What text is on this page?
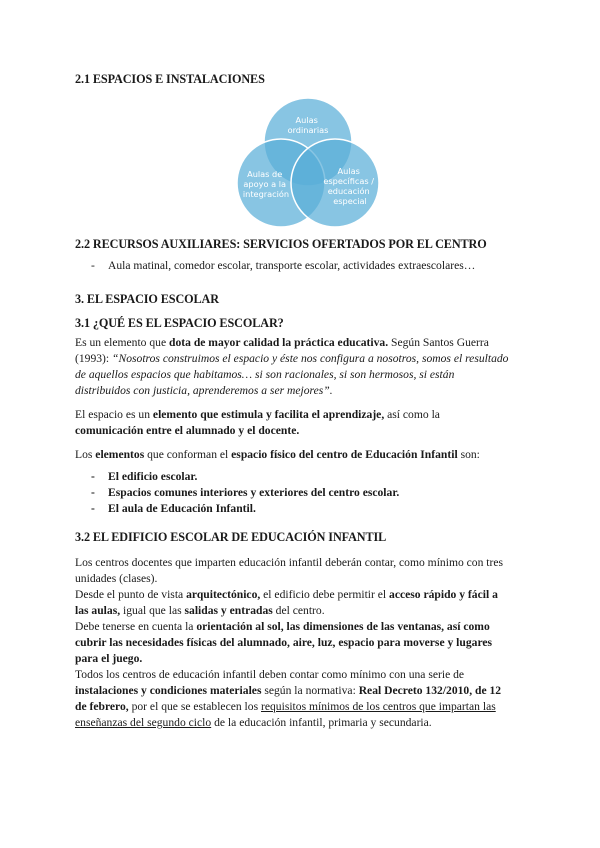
2.1 ESPACIOS E INSTALACIONES
Aulas ordinarias
Aulas de apoyo a la integración
Aulas específicas / educación especial
2.2 RECURSOS AUXILIARES: SERVICIOS OFERTADOS POR EL CENTRO
- Aula matinal, comedor escolar, transporte escolar, actividades extraescolares…
3. EL ESPACIO ESCOLAR
3.1 ¿QUÉ ES EL ESPACIO ESCOLAR?
Es un elemento que dota de mayor calidad la práctica educativa. Según Santos Guerra
(1993): “Nosotros construimos el espacio y éste nos configura a nosotros, somos el resultado
de aquellos espacios que habitamos… si son racionales, si son hermosos, si están
distribuidos con justicia, aprenderemos a ser mejores”.
El espacio es un elemento que estimula y facilita el aprendizaje, así como la
comunicación entre el alumnado y el docente.
Los elementos que conforman el espacio físico del centro de Educación Infantil son:
- El edificio escolar.
- Espacios comunes interiores y exteriores del centro escolar.
- El aula de Educación Infantil.
3.2 EL EDIFICIO ESCOLAR DE EDUCACIÓN INFANTIL
Los centros docentes que imparten educación infantil deberán contar, como mínimo con tres
unidades (clases).
Desde el punto de vista arquitectónico, el edificio debe permitir el acceso rápido y fácil a
las aulas, igual que las salidas y entradas del centro.
Debe tenerse en cuenta la orientación al sol, las dimensiones de las ventanas, así como
cubrir las necesidades físicas del alumnado, aire, luz, espacio para moverse y lugares
para el juego.
Todos los centros de educación infantil deben contar como mínimo con una serie de
instalaciones y condiciones materiales según la normativa: Real Decreto 132/2010, de 12
de febrero, por el que se establecen los requisitos mínimos de los centros que impartan las
enseñanzas del segundo ciclo de la educación infantil, primaria y secundaria.
